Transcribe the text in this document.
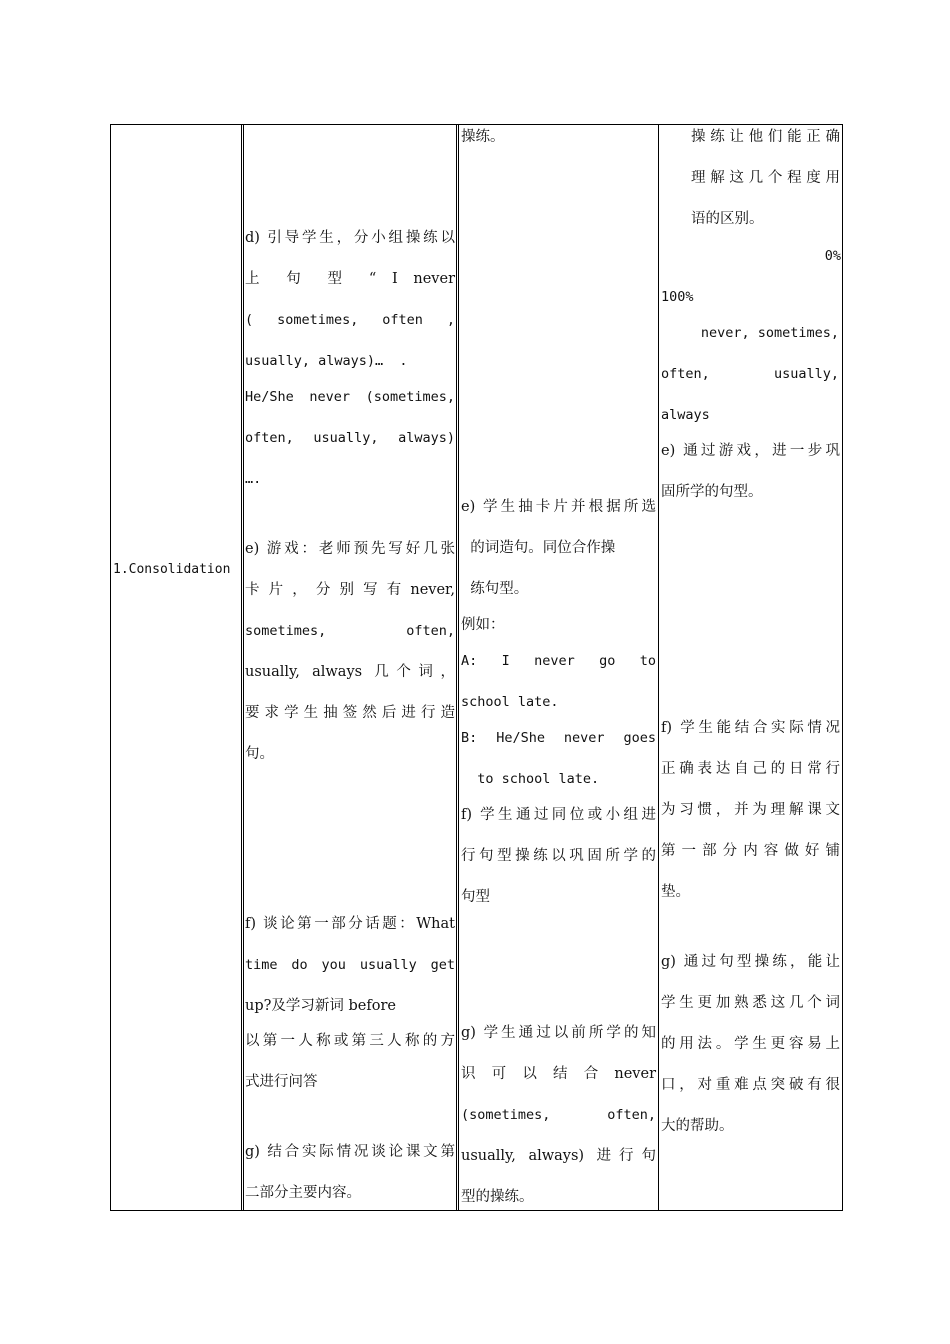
1.Consolidation
d) 引导学生，分小组操练以
上 句 型 “ I never
( sometimes, often ,
usually, always)…  .
He/She never (sometimes,
often, usually, always)
….
e) 游戏：老师预先写好几张
卡 片 ， 分 别 写 有 never,
sometimes, often,
usually, always 几个词，
要求学生抽签然后进行造
句。
f) 谈论第一部分话题：What
time do you usually get
up?及学习新词 before
以第一人称或第三人称的方
式进行问答
g) 结合实际情况谈论课文第
二部分主要内容。
操练。
e) 学生抽卡片并根据所选
的词造句。同位合作操
练句型。
例如：
A: I never go to
school late.
B: He/She never goes
to school late.
f) 学生通过同位或小组进
行句型操练以巩固所学的
句型
g) 学生通过以前所学的知
识 可 以 结 合 never
(sometimes, often,
usually, always) 进行句
型的操练。
操练让他们能正确
理解这几个程度用
语的区别。
0%
100%
never, sometimes,
often, usually,
always
e) 通过游戏，进一步巩
固所学的句型。
f) 学生能结合实际情况
正确表达自己的日常行
为习惯，并为理解课文
第一部分内容做好铺
垫。
g) 通过句型操练，能让
学生更加熟悉这几个词
的用法。学生更容易上
口，对重难点突破有很
大的帮助。
